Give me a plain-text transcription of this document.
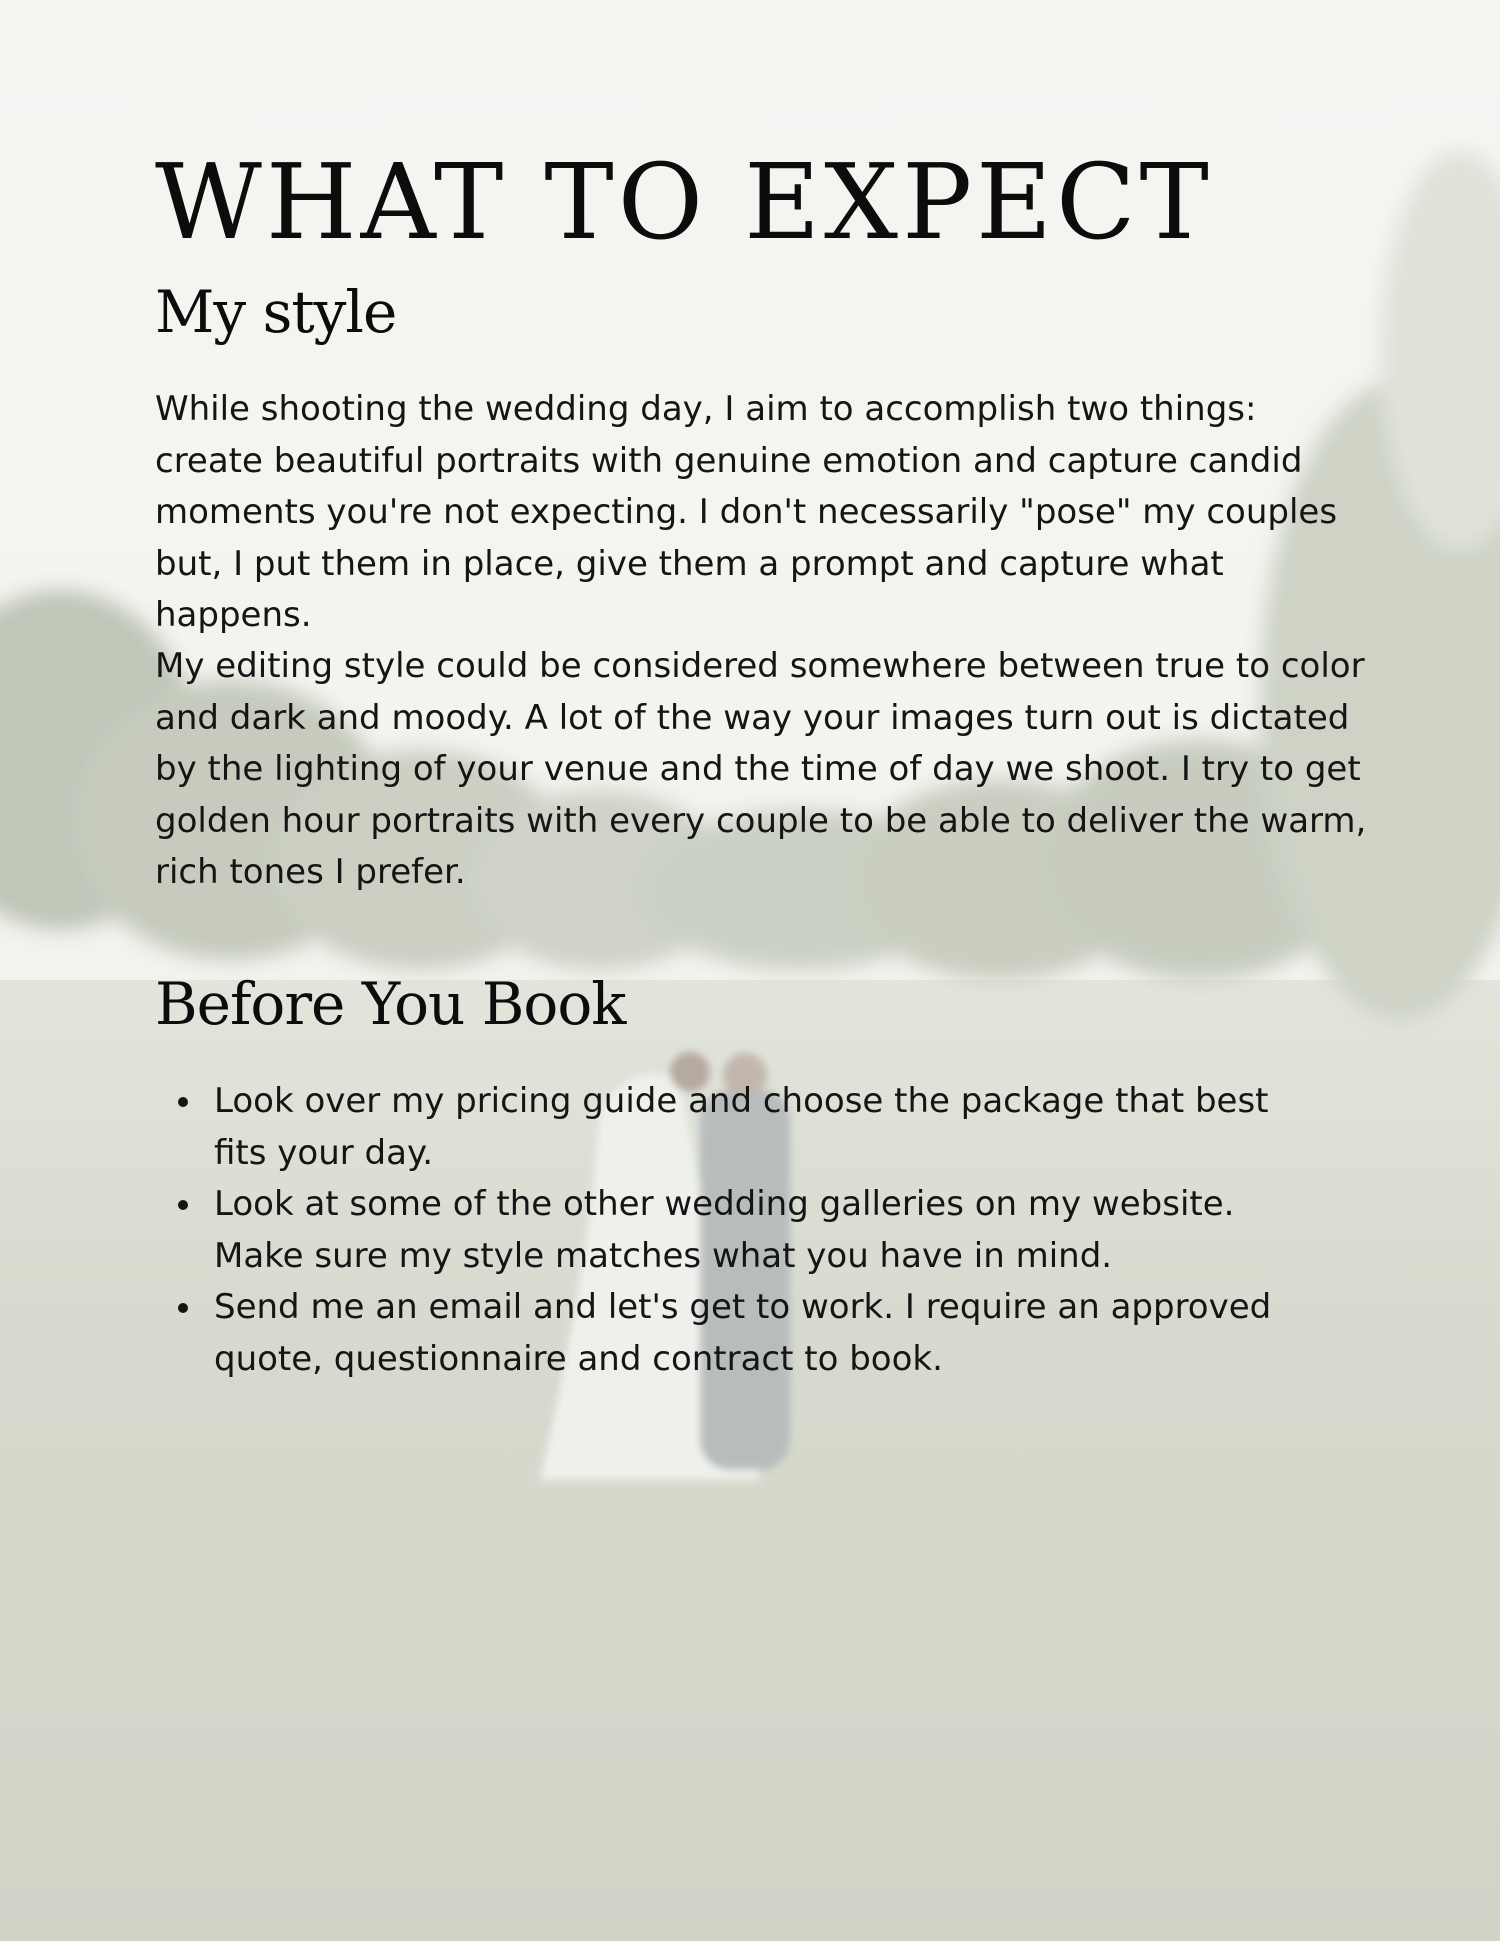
WHAT TO EXPECT
My style

While shooting the wedding day, I aim to accomplish two things: create beautiful portraits with genuine emotion and capture candid moments you're not expecting. I don't necessarily "pose" my couples but, I put them in place, give them a prompt and capture what happens.

My editing style could be considered somewhere between true to color and dark and moody. A lot of the way your images turn out is dictated by the lighting of your venue and the time of day we shoot. I try to get golden hour portraits with every couple to be able to deliver the warm, rich tones I prefer.

Before You Book
Look over my pricing guide and choose the package that best fits your day.
Look at some of the other wedding galleries on my website. Make sure my style matches what you have in mind.
Send me an email and let's get to work. I require an approved quote, questionnaire and contract to book.
